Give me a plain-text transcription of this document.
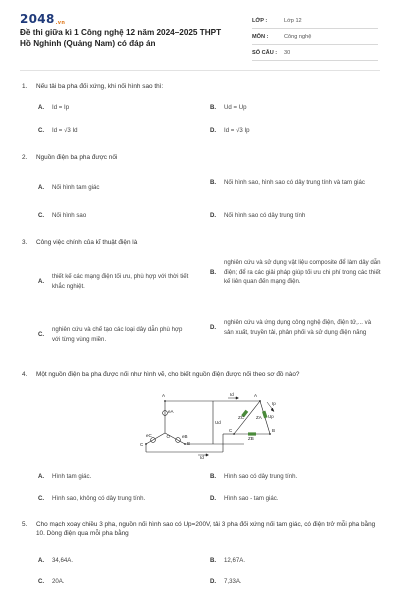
2048.vn
Đề thi giữa kì 1 Công nghệ 12 năm 2024–2025 THPT Hồ Nghinh (Quảng Nam) có đáp án
LỚP :	Lớp 12
MÔN :	Công nghệ
SỐ CÂU :	30
1.	Nếu tải ba pha đối xứng, khi nối hình sao thì:
A.	Id = Ip	B.	Ud = Up
C.	Id = √3 Id	D.	Id = √3 Ip
2.	Nguồn điện ba pha được nối
A.	Nối hình tam giác
B.	Nối hình sao, hình sao có dây trung tính và tam giác
C.	Nối hình sao	D.	Nối hình sao có dây trung tính
3.	Công việc chính của kĩ thuật điện là
A.
thiết kế các mạng điện tối ưu, phù hợp với thời tiết khắc nghiệt.
B.
nghiên cứu và sử dụng vật liệu composite để làm dây dẫn điện; để ra các giải pháp giúp tối ưu chi phí trong các thiết kế liên quan đến mạng điện.
C.
nghiên cứu và chế tạo các loại dây dẫn phù hợp với từng vùng miền.
D.
nghiên cứu và ứng dụng công nghệ điện, điện tử,... và sản xuất, truyền tải, phân phối và sử dụng điện năng
4.	Một nguồn điện ba pha được nối như hình vẽ, cho biết nguồn điện được nối theo sơ đồ nào?
A
eA
eB
eC	O
B
C
Ud
Id
Id
A
Ip
Up
ZC	ZA
ZB
C	B
A.	Hình tam giác.	B.	Hình sao có dây trung tính.
C.	Hình sao, không có dây trung tính.	D.	Hình sao - tam giác.
5.	Cho mạch xoay chiều 3 pha, nguồn nối hình sao có Up=200V, tải 3 pha đối xứng nối tam giác, có điện trở mỗi pha bằng 10. Dòng điện qua mỗi pha bằng
A.	34,64A.	B.	12,67A.
C.	20A.	D.	7,33A.
